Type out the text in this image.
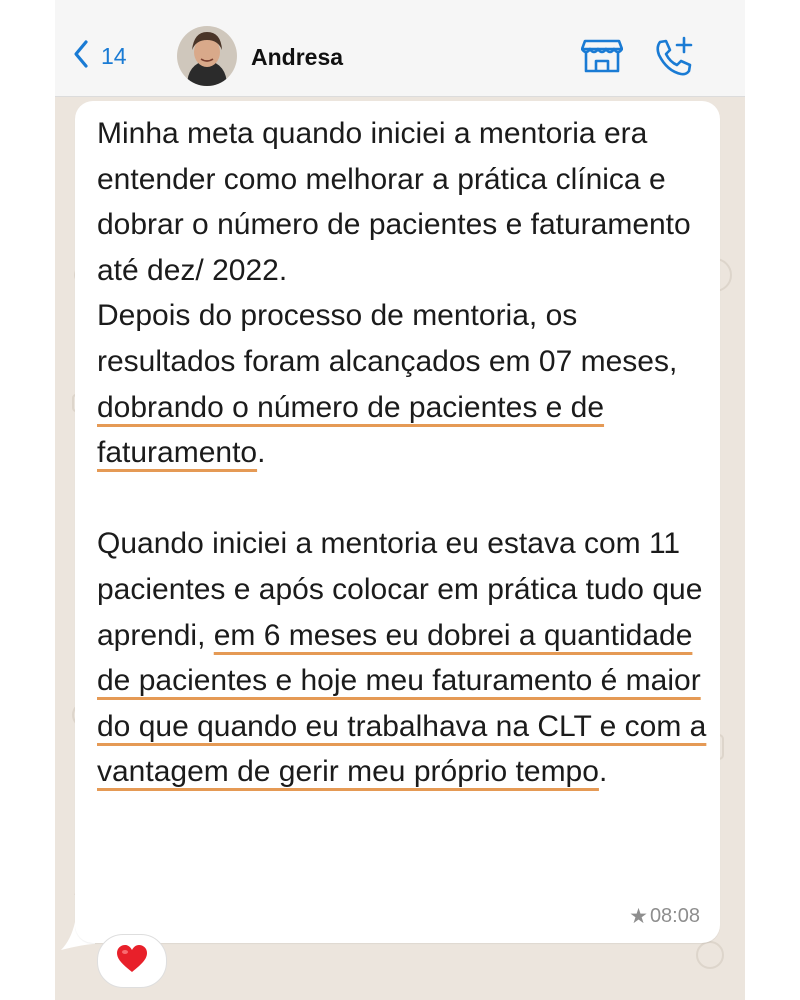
14	Andresa
Minha meta quando iniciei a mentoria era entender como melhorar a prática clínica e dobrar o número de pacientes e faturamento até dez/ 2022.
Depois do processo de mentoria, os resultados foram alcançados em 07 meses, dobrando o número de pacientes e de faturamento.

Quando iniciei a mentoria eu estava com 11 pacientes e após colocar em prática tudo que aprendi, em 6 meses eu dobrei a quantidade de pacientes e hoje meu faturamento é maior do que quando eu trabalhava na CLT e com a vantagem de gerir meu próprio tempo.
★ 08:08
